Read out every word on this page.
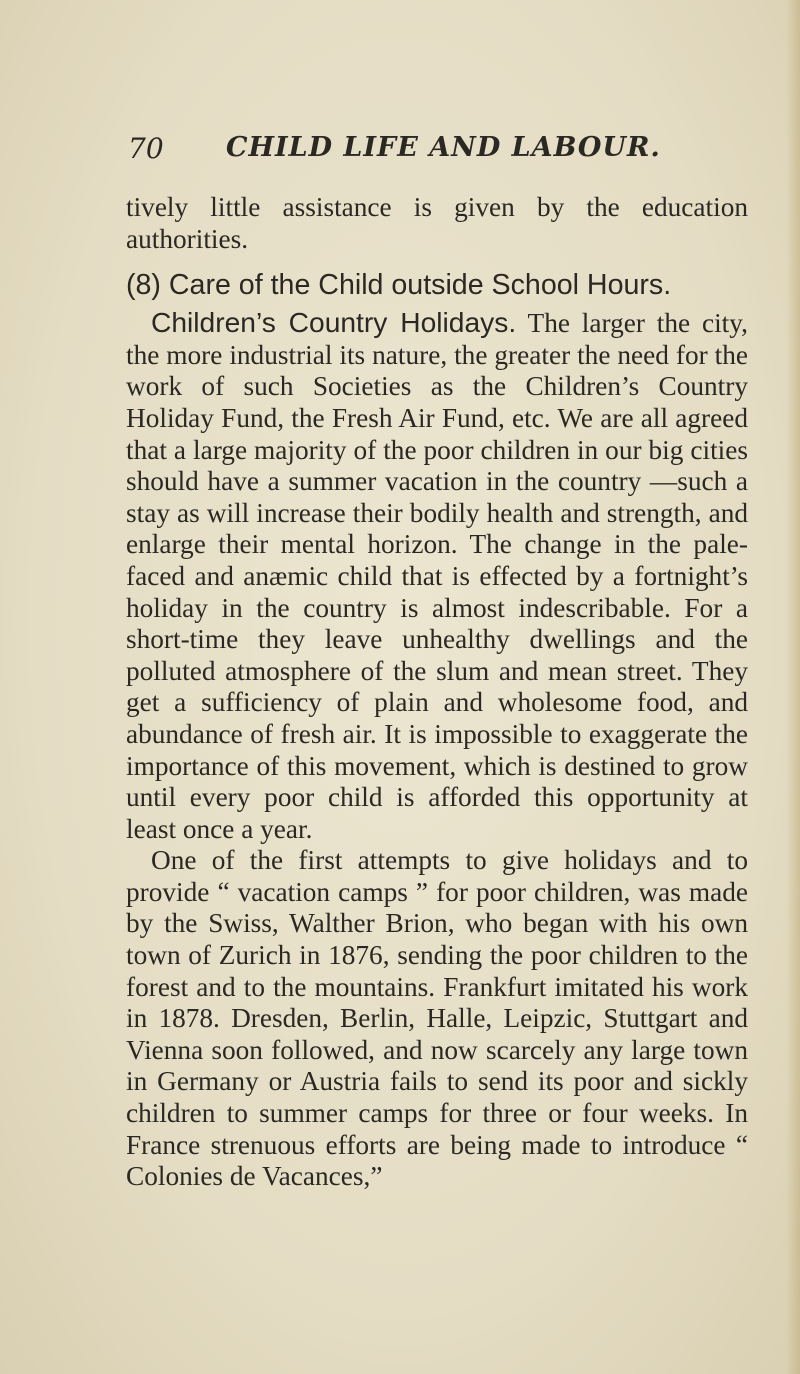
70 CHILD LIFE AND LABOUR.

tively little assistance is given by the education authorities.

(8) Care of the Child outside School Hours.

Children’s Country Holidays. The larger the city, the more industrial its nature, the greater the need for the work of such Societies as the Children’s Country Holiday Fund, the Fresh Air Fund, etc. We are all agreed that a large majority of the poor children in our big cities should have a summer vacation in the country —such a stay as will increase their bodily health and strength, and enlarge their mental horizon. The change in the pale-faced and anæmic child that is effected by a fortnight’s holiday in the country is almost indescribable. For a short-time they leave unhealthy dwellings and the polluted atmosphere of the slum and mean street. They get a sufficiency of plain and wholesome food, and abundance of fresh air. It is impossible to exaggerate the importance of this movement, which is destined to grow until every poor child is afforded this opportunity at least once a year.

One of the first attempts to give holidays and to provide “ vacation camps ” for poor children, was made by the Swiss, Walther Brion, who began with his own town of Zurich in 1876, sending the poor children to the forest and to the mountains. Frankfurt imitated his work in 1878. Dresden, Berlin, Halle, Leipzic, Stuttgart and Vienna soon followed, and now scarcely any large town in Germany or Austria fails to send its poor and sickly children to summer camps for three or four weeks. In France strenuous efforts are being made to introduce “ Colonies de Vacances,”
